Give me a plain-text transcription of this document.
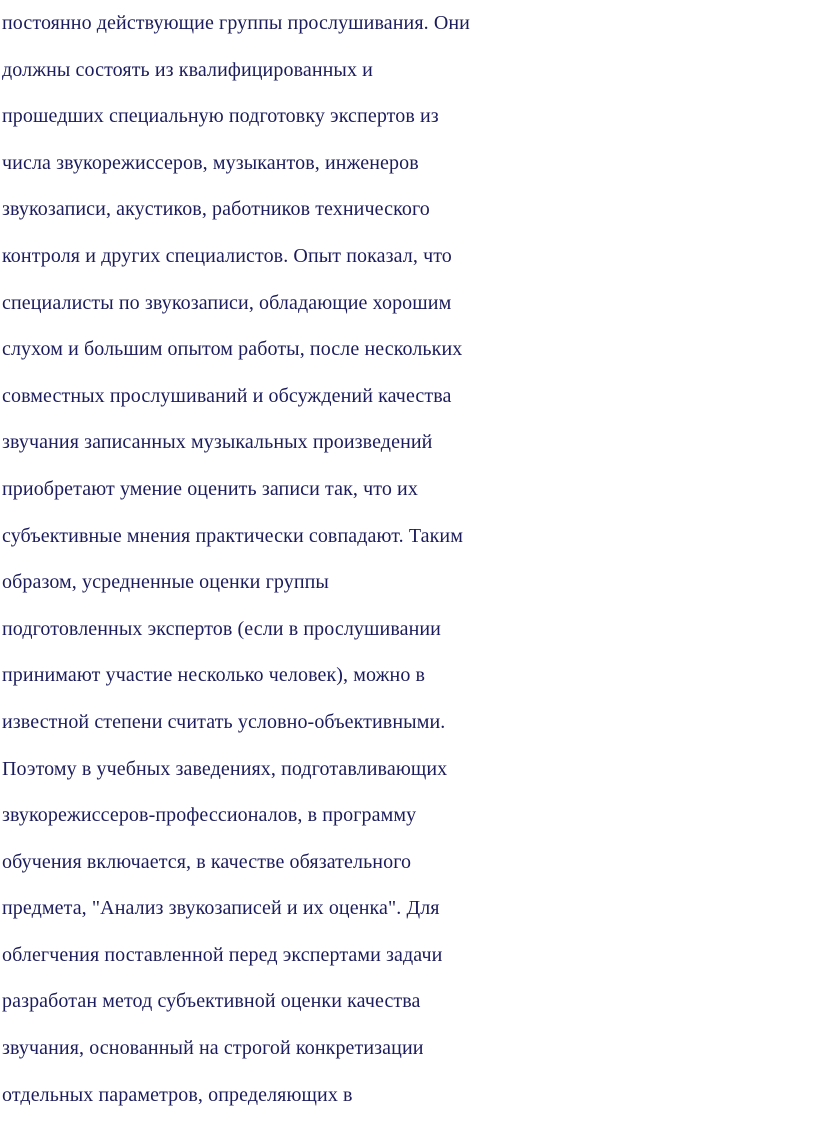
постоянно действующие группы прослушивания. Они
должны состоять из квалифицированных и
прошедших специальную подготовку экспертов из
числа звукорежиссеров, музыкантов, инженеров
звукозаписи, акустиков, работников технического
контроля и других специалистов. Опыт показал, что
специалисты по звукозаписи, обладающие хорошим
слухом и большим опытом работы, после нескольких
совместных прослушиваний и обсуждений качества
звучания записанных музыкальных произведений
приобретают умение оценить записи так, что их
субъективные мнения практически совпадают. Таким
образом, усредненные оценки группы
подготовленных экспертов (если в прослушивании
принимают участие несколько человек), можно в
известной степени считать условно-объективными.
Поэтому в учебных заведениях, подготавливающих
звукорежиссеров-профессионалов, в программу
обучения включается, в качестве обязательного
предмета, "Анализ звукозаписей и их оценка". Для
облегчения поставленной перед экспертами задачи
разработан метод субъективной оценки качества
звучания, основанный на строгой конкретизации
отдельных параметров, определяющих в
